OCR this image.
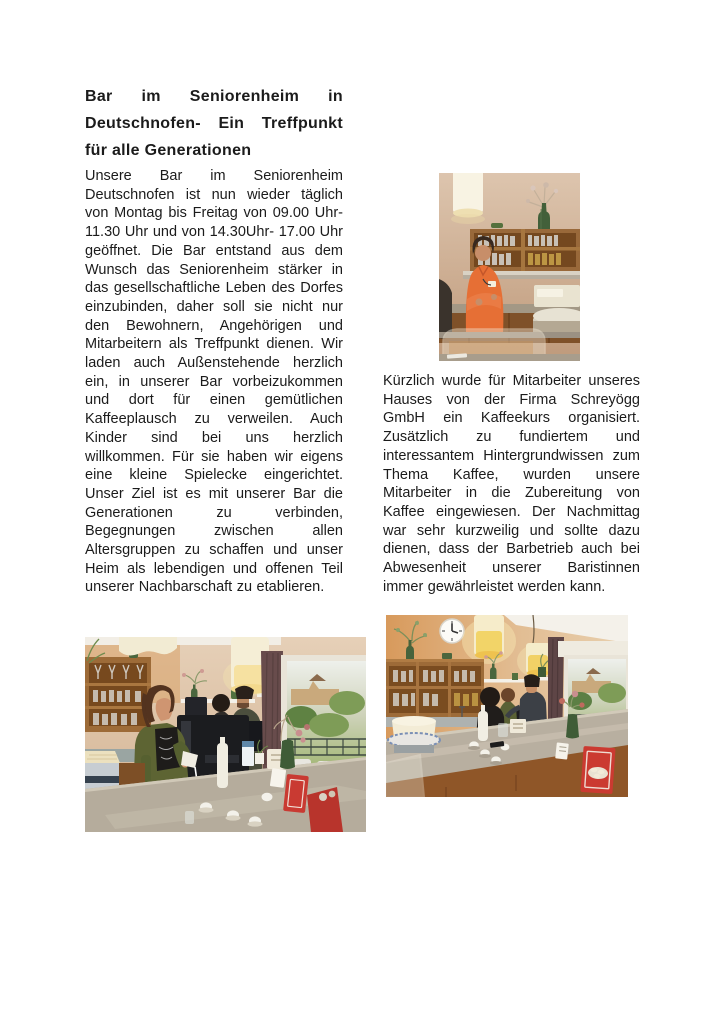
Bar im Seniorenheim in Deutschnofen- Ein Treffpunkt für alle Generationen

Unsere Bar im Seniorenheim Deutschnofen ist nun wieder täglich von Montag bis Freitag von 09.00 Uhr- 11.30 Uhr und von 14.30Uhr- 17.00 Uhr geöffnet. Die Bar entstand aus dem Wunsch das Seniorenheim stärker in das gesellschaftliche Leben des Dorfes einzubinden, daher soll sie nicht nur den Bewohnern, Angehörigen und Mitarbeitern als Treffpunkt dienen. Wir laden auch Außenstehende herzlich ein, in unserer Bar vorbeizukommen und dort für einen gemütlichen Kaffeeplausch zu verweilen. Auch Kinder sind bei uns herzlich willkommen. Für sie haben wir eigens eine kleine Spielecke eingerichtet. Unser Ziel ist es mit unserer Bar die Generationen zu verbinden, Begegnungen zwischen allen Altersgruppen zu schaffen und unser Heim als lebendigen und offenen Teil unserer Nachbarschaft zu etablieren.

Kürzlich wurde für Mitarbeiter unseres Hauses von der Firma Schreyögg GmbH ein Kaffeekurs organisiert. Zusätzlich zu fundiertem und interessantem Hintergrundwissen zum Thema Kaffee, wurden unsere Mitarbeiter in die Zubereitung von Kaffee eingewiesen. Der Nachmittag war sehr kurzweilig und sollte dazu dienen, dass der Barbetrieb auch bei Abwesenheit unserer Baristinnen immer gewährleistet werden kann.
